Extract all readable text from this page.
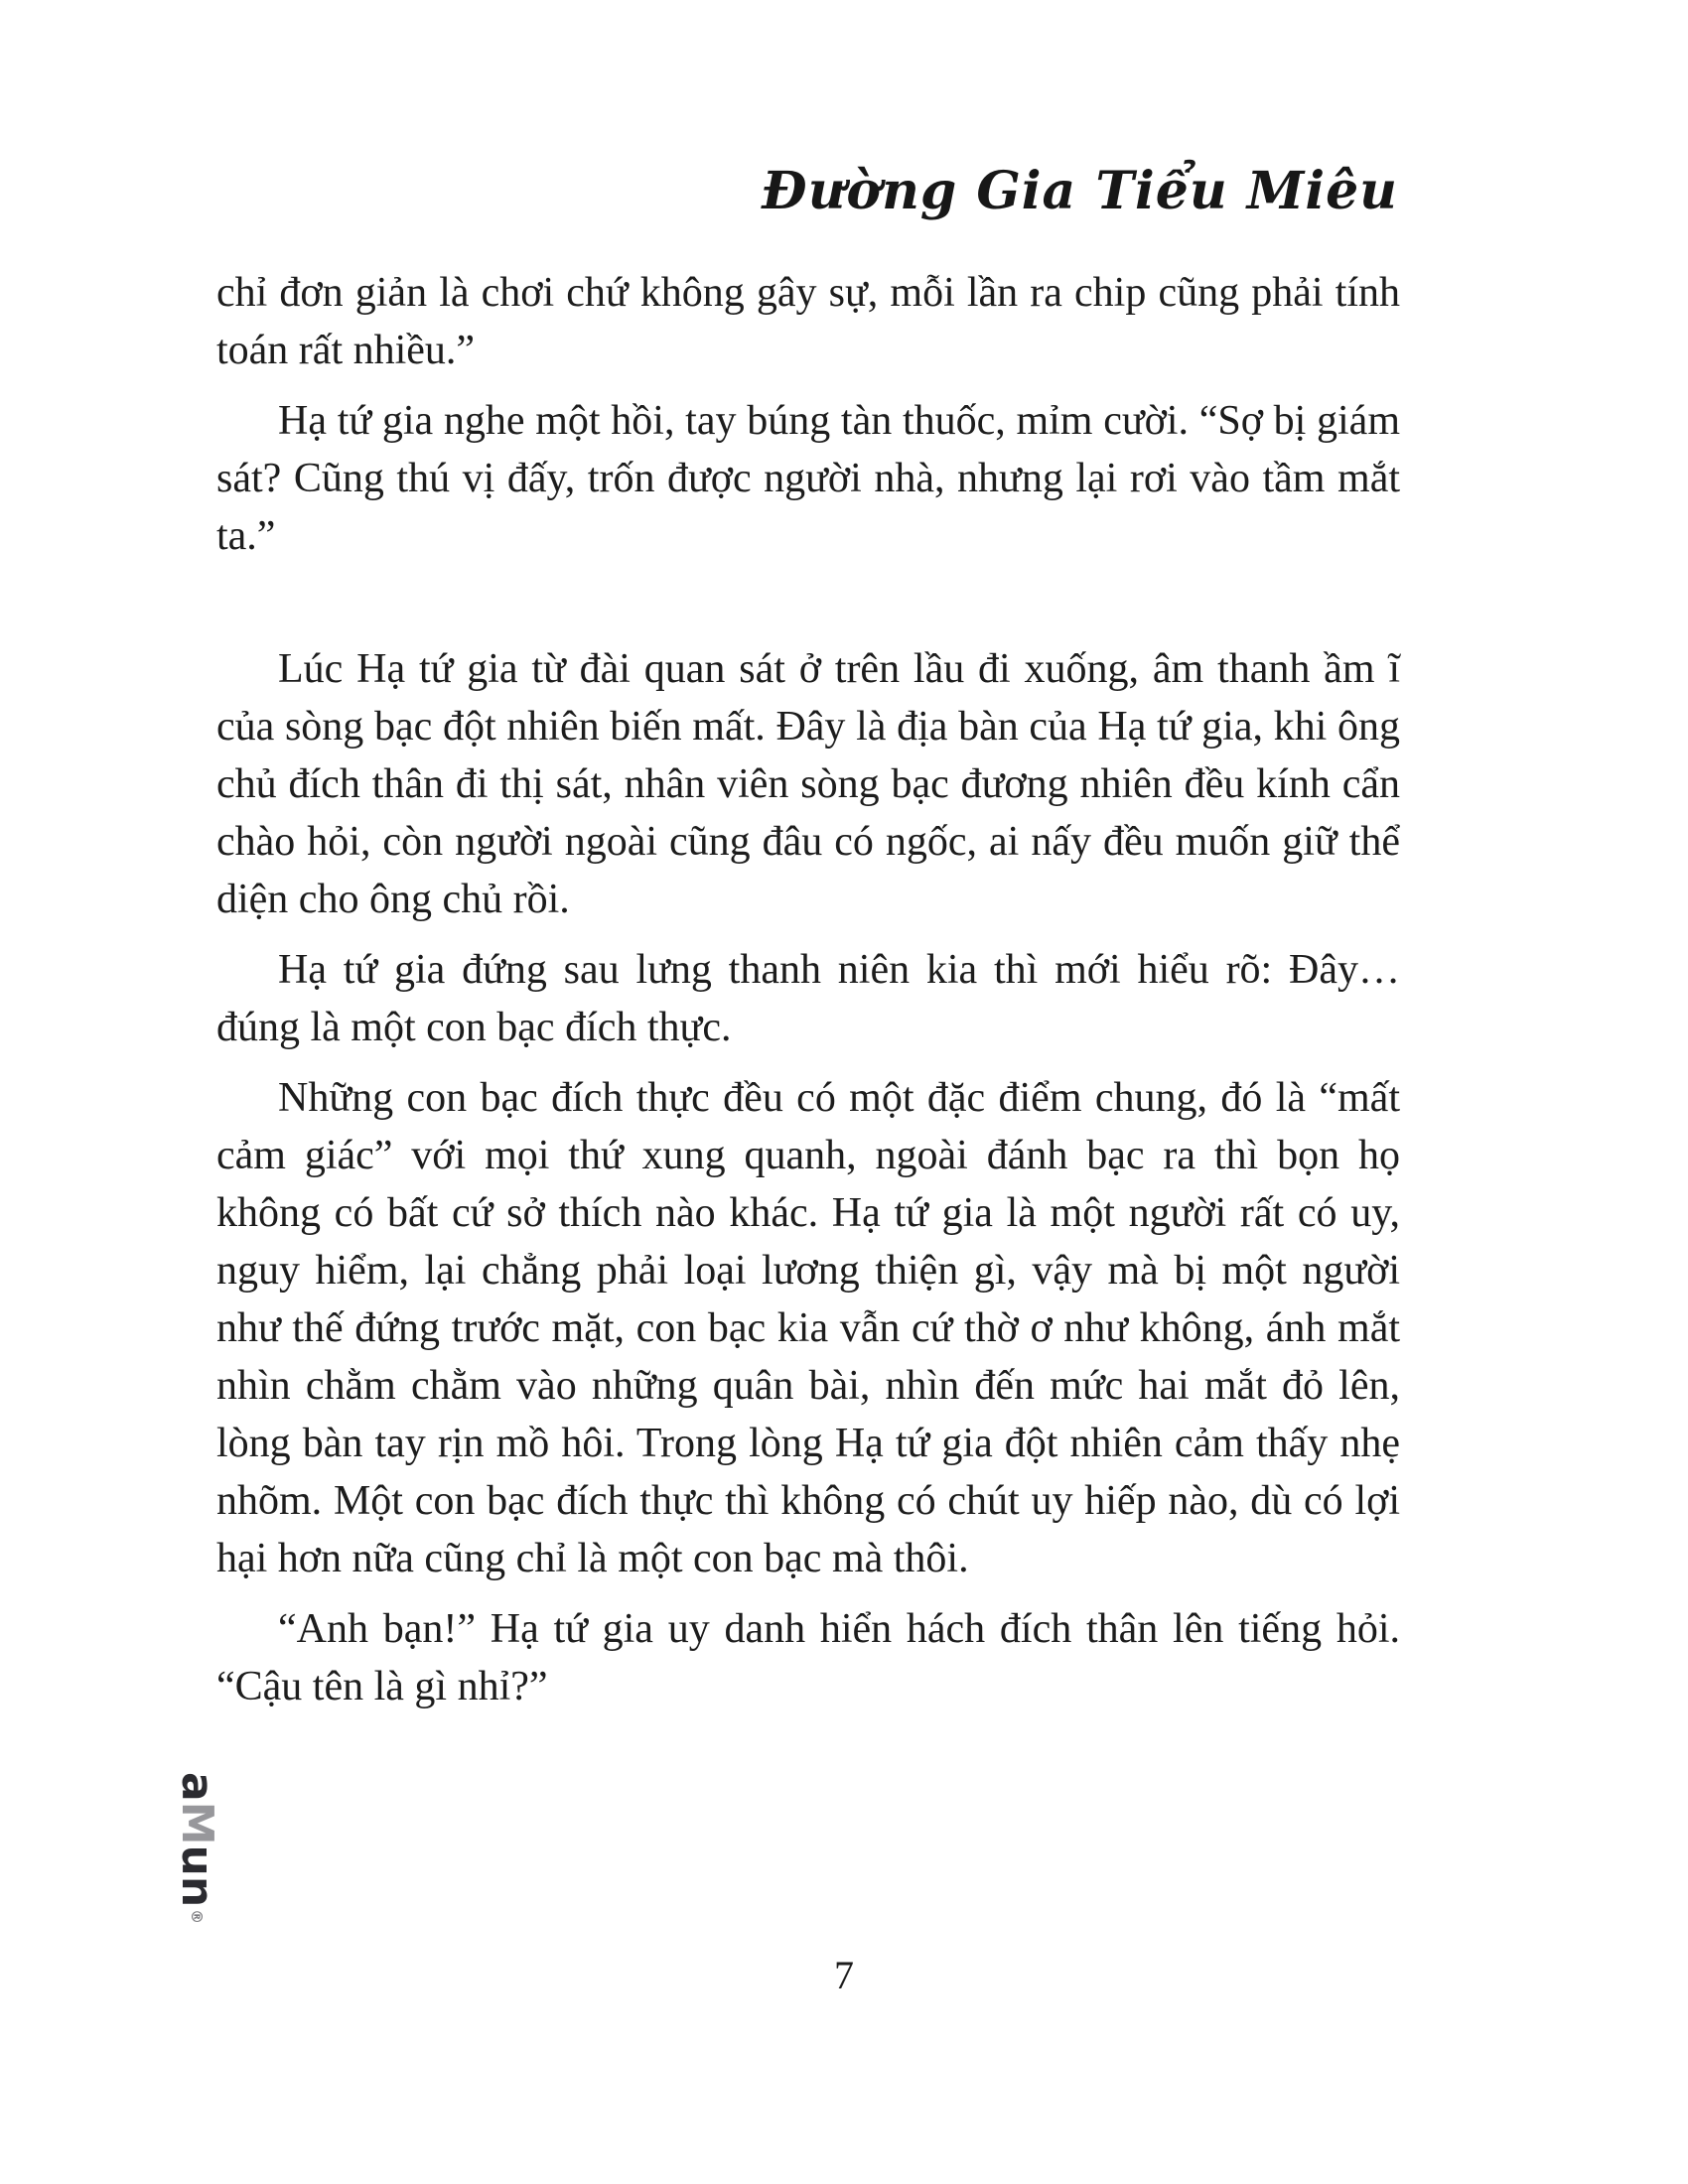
Đường Gia Tiểu Miêu

chỉ đơn giản là chơi chứ không gây sự, mỗi lần ra chip cũng phải tính toán rất nhiều.”

Hạ tứ gia nghe một hồi, tay búng tàn thuốc, mỉm cười. “Sợ bị giám sát? Cũng thú vị đấy, trốn được người nhà, nhưng lại rơi vào tầm mắt ta.”

Lúc Hạ tứ gia từ đài quan sát ở trên lầu đi xuống, âm thanh ầm ĩ của sòng bạc đột nhiên biến mất. Đây là địa bàn của Hạ tứ gia, khi ông chủ đích thân đi thị sát, nhân viên sòng bạc đương nhiên đều kính cẩn chào hỏi, còn người ngoài cũng đâu có ngốc, ai nấy đều muốn giữ thể diện cho ông chủ rồi.

Hạ tứ gia đứng sau lưng thanh niên kia thì mới hiểu rõ: Đây… đúng là một con bạc đích thực.

Những con bạc đích thực đều có một đặc điểm chung, đó là “mất cảm giác” với mọi thứ xung quanh, ngoài đánh bạc ra thì bọn họ không có bất cứ sở thích nào khác. Hạ tứ gia là một người rất có uy, nguy hiểm, lại chẳng phải loại lương thiện gì, vậy mà bị một người như thế đứng trước mặt, con bạc kia vẫn cứ thờ ơ như không, ánh mắt nhìn chằm chằm vào những quân bài, nhìn đến mức hai mắt đỏ lên, lòng bàn tay rịn mồ hôi. Trong lòng Hạ tứ gia đột nhiên cảm thấy nhẹ nhõm. Một con bạc đích thực thì không có chút uy hiếp nào, dù có lợi hại hơn nữa cũng chỉ là một con bạc mà thôi.

“Anh bạn!” Hạ tứ gia uy danh hiển hách đích thân lên tiếng hỏi. “Cậu tên là gì nhỉ?”

a
M
un
®
7
